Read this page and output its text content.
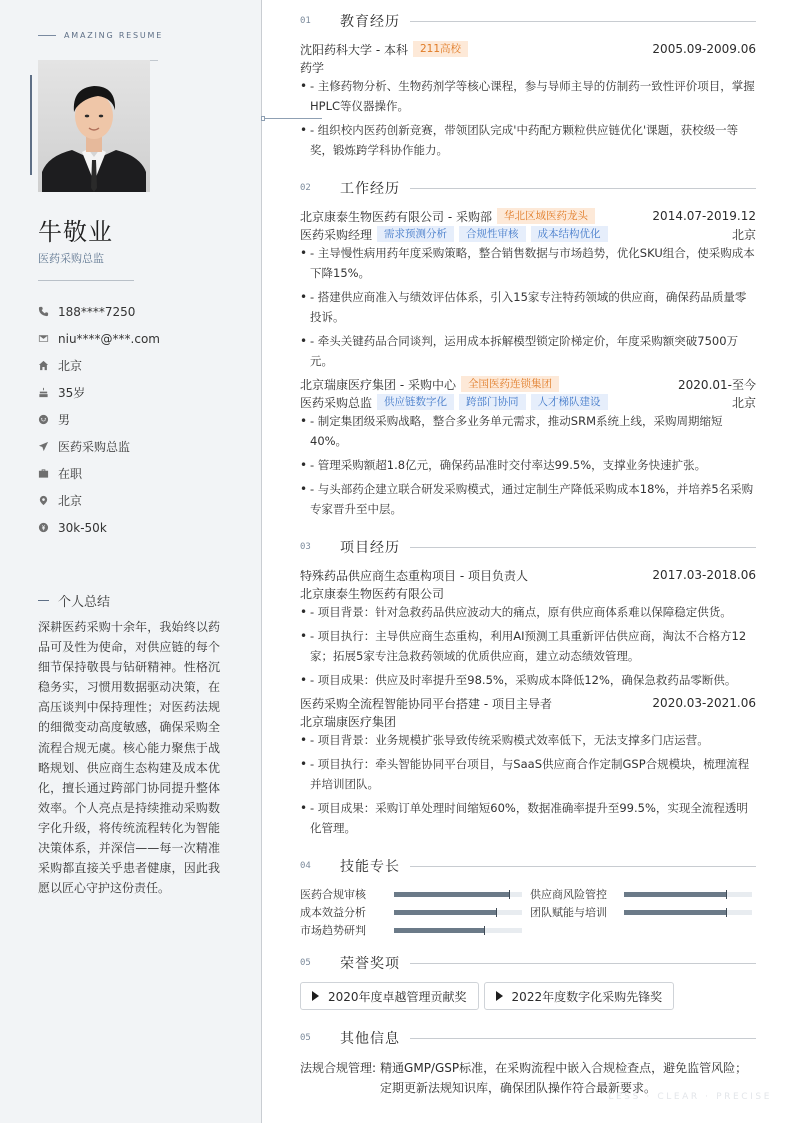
AMAZING RESUME
牛敬业
医药采购总监
188****7250
niu****@***.com
北京
35岁
男
医药采购总监
在职
北京
30k-50k
个人总结
深耕医药采购十余年，我始终以药品可及性为使命，对供应链的每个细节保持敬畏与钻研精神。性格沉稳务实，习惯用数据驱动决策，在高压谈判中保持理性；对医药法规的细微变动高度敏感，确保采购全流程合规无虞。核心能力聚焦于战略规划、供应商生态构建及成本优化，擅长通过跨部门协同提升整体效率。个人亮点是持续推动采购数字化升级，将传统流程转化为智能决策体系，并深信——每一次精准采购都直接关乎患者健康，因此我愿以匠心守护这份责任。
01	教育经历
沈阳药科大学 - 本科	211高校	2005.09-2009.06
药学
• - 主修药物分析、生物药剂学等核心课程，参与导师主导的仿制药一致性评价项目，掌握HPLC等仪器操作。
• - 组织校内医药创新竞赛，带领团队完成'中药配方颗粒供应链优化'课题，获校级一等奖，锻炼跨学科协作能力。
02	工作经历
北京康泰生物医药有限公司 - 采购部	华北区域医药龙头	2014.07-2019.12
医药采购经理	需求预测分析	合规性审核	成本结构优化	北京
• - 主导慢性病用药年度采购策略，整合销售数据与市场趋势，优化SKU组合，使采购成本下降15%。
• - 搭建供应商准入与绩效评估体系，引入15家专注特药领域的供应商，确保药品质量零投诉。
• - 牵头关键药品合同谈判，运用成本拆解模型锁定阶梯定价，年度采购额突破7500万元。
北京瑞康医疗集团 - 采购中心	全国医药连锁集团	2020.01-至今
医药采购总监	供应链数字化	跨部门协同	人才梯队建设	北京
• - 制定集团级采购战略，整合多业务单元需求，推动SRM系统上线，采购周期缩短40%。
• - 管理采购额超1.8亿元，确保药品准时交付率达99.5%，支撑业务快速扩张。
• - 与头部药企建立联合研发采购模式，通过定制生产降低采购成本18%，并培养5名采购专家晋升至中层。
03	项目经历
特殊药品供应商生态重构项目 - 项目负责人	2017.03-2018.06
北京康泰生物医药有限公司
• - 项目背景：针对急救药品供应波动大的痛点，原有供应商体系难以保障稳定供货。
• - 项目执行：主导供应商生态重构，利用AI预测工具重新评估供应商，淘汰不合格方12家；拓展5家专注急救药领域的优质供应商，建立动态绩效管理。
• - 项目成果：供应及时率提升至98.5%，采购成本降低12%，确保急救药品零断供。
医药采购全流程智能协同平台搭建 - 项目主导者	2020.03-2021.06
北京瑞康医疗集团
• - 项目背景：业务规模扩张导致传统采购模式效率低下，无法支撑多门店运营。
• - 项目执行：牵头智能协同平台项目，与SaaS供应商合作定制GSP合规模块，梳理流程并培训团队。
• - 项目成果：采购订单处理时间缩短60%，数据准确率提升至99.5%，实现全流程透明化管理。
04	技能专长
医药合规审核	供应商风险管控
成本效益分析	团队赋能与培训
市场趋势研判
05	荣誉奖项
2020年度卓越管理贡献奖	2022年度数字化采购先锋奖
05	其他信息
法规合规管理: 精通GMP/GSP标准，在采购流程中嵌入合规检查点，避免监管风险；定期更新法规知识库，确保团队操作符合最新要求。
LESS · CLEAR · PRECISE
